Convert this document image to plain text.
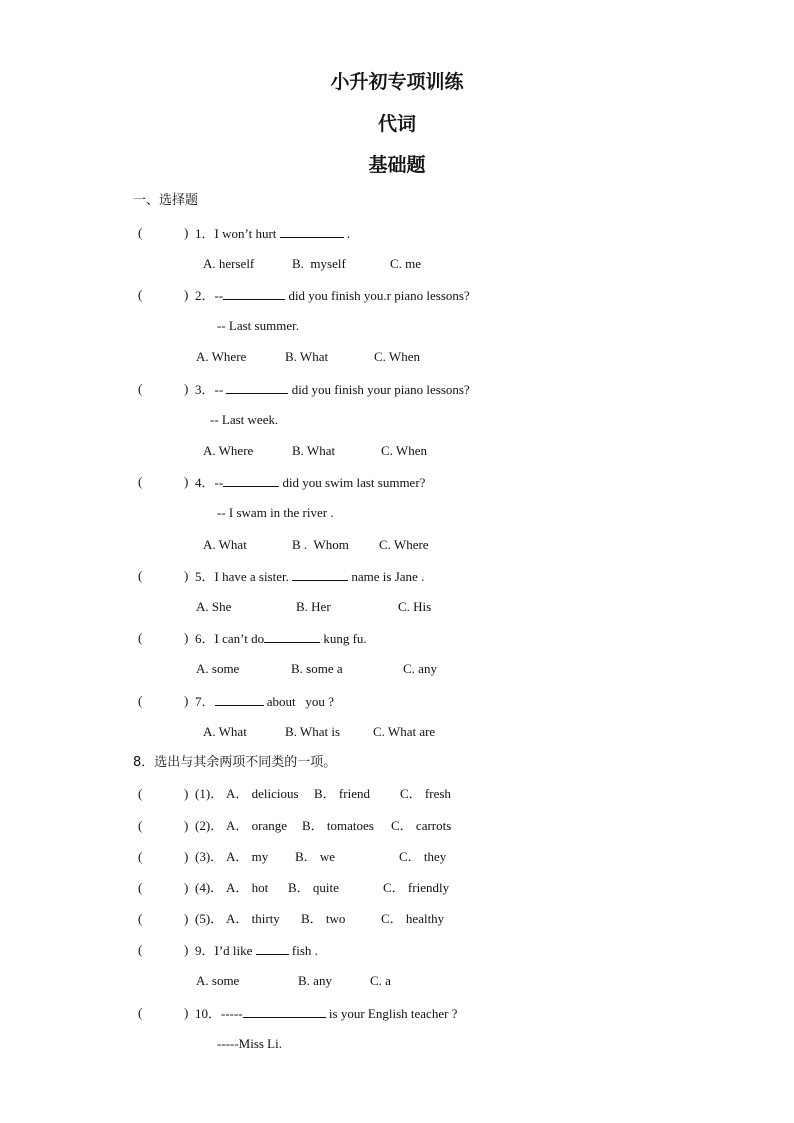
小升初专项训练
代词
基础题
一、选择题
(	) 1．I won’t hurt	.
A. herself	B.  myself	C. me
(	) 2．--	did you finish you.r piano lessons?
-- Last summer.
A. Where	B. What	C. When
(	) 3．--	did you finish your piano lessons?
-- Last week.
A. Where	B. What	C. When
(	) 4．--	did you swim last summer?
-- I swam in the river .
A. What	B .  Whom C. Where
(	) 5．I have a sister.	name is Jane .
A. She	B. Her	C. His
(	) 6．I can’t do	kung fu.
A. some	B. some a	C. any
(	) 7．	about   you ?
A. What	B. What is	C. What are
8．选出与其余两项不同类的一项。
(	) (1)． A． delicious B． friend C． fresh
(	) (2)． A． orange B． tomatoes C． carrots
(	) (3)． A． my B． we	C． they
(	) (4)． A． hot B． quite	C． friendly
(	) (5)． A． thirty B． two	C． healthy
(	) 9．I’d like	fish .
A. some	B. any	C. a
(	) 10．-----	is your English teacher ?
-----Miss Li.
